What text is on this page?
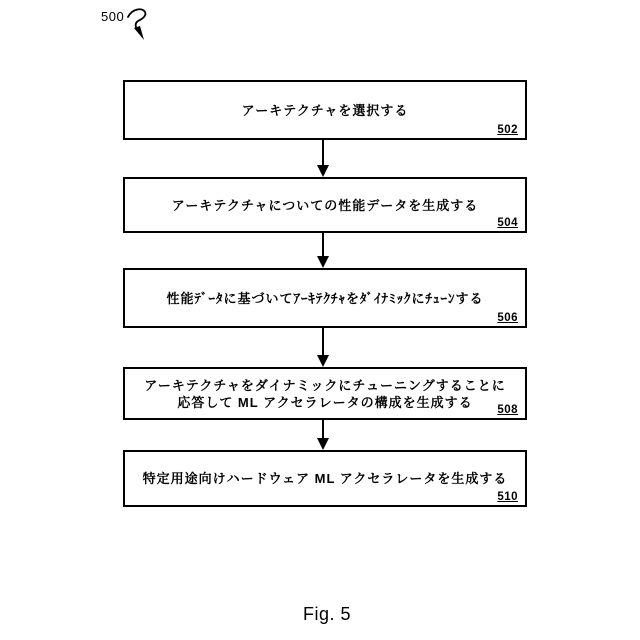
500
アーキテクチャを選択する
502
アーキテクチャについての性能データを生成する
504
性能ﾃﾞｰﾀに基づいてｱｰｷﾃｸﾁｬをﾀﾞｲﾅﾐｯｸにﾁｭｰﾝする
506
アーキテクチャをダイナミックにチューニングすることに
応答して ML アクセラレータの構成を生成する
508
特定用途向けハードウェア ML アクセラレータを生成する
510
Fig. 5
